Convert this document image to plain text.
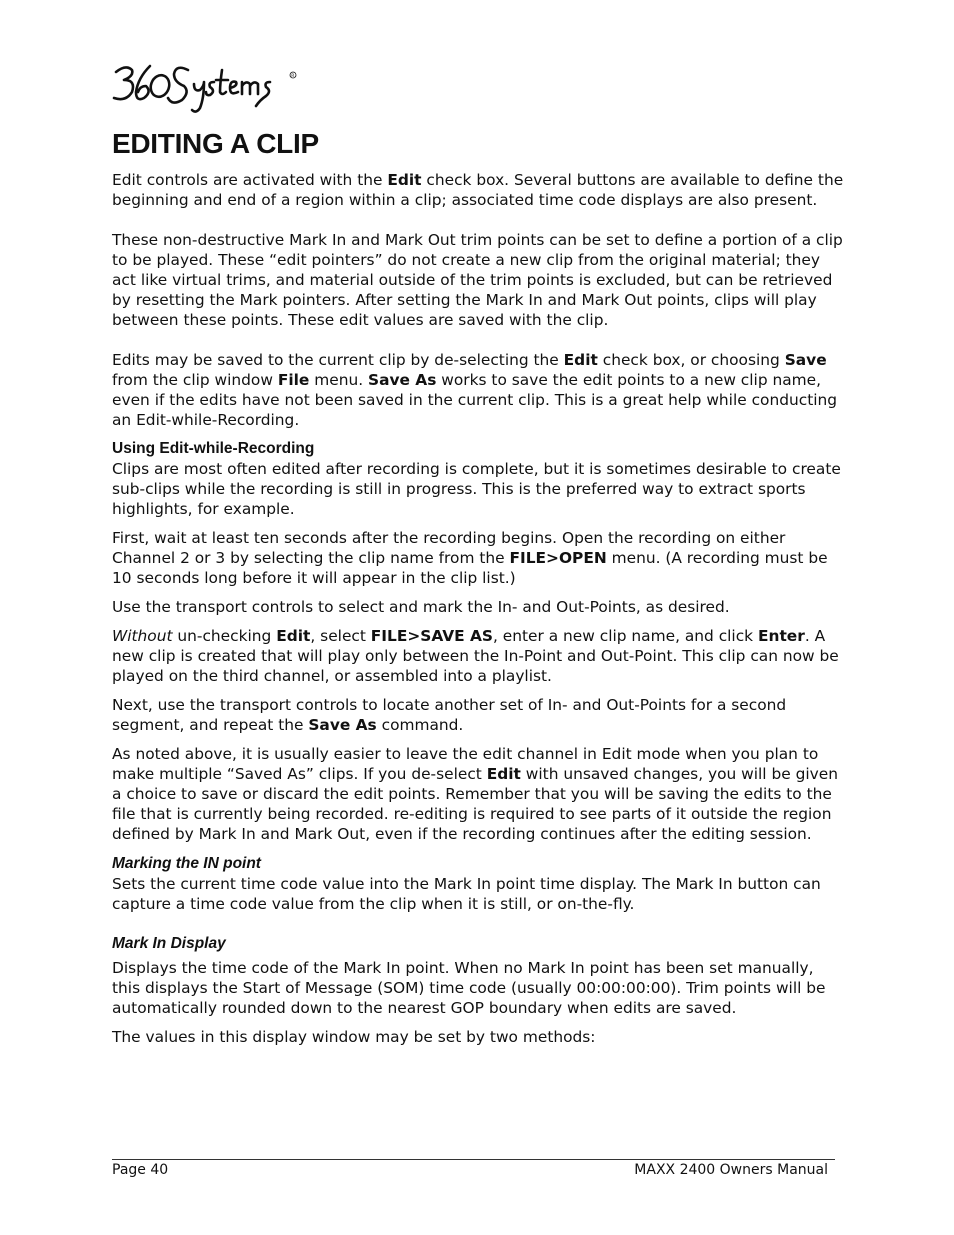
R
EDITING A CLIP

Edit controls are activated with the Edit check box. Several buttons are available to define the beginning and end of a region within a clip; associated time code displays are also present.

These non-destructive Mark In and Mark Out trim points can be set to define a portion of a clip to be played. These “edit pointers” do not create a new clip from the original material; they act like virtual trims, and material outside of the trim points is excluded, but can be retrieved by resetting the Mark pointers. After setting the Mark In and Mark Out points, clips will play between these points. These edit values are saved with the clip.

Edits may be saved to the current clip by de-selecting the Edit check box, or choosing Save from the clip window File menu. Save As works to save the edit points to a new clip name, even if the edits have not been saved in the current clip. This is a great help while conducting an Edit-while-Recording.

Using Edit-while-Recording

Clips are most often edited after recording is complete, but it is sometimes desirable to create sub-clips while the recording is still in progress. This is the preferred way to extract sports highlights, for example.

First, wait at least ten seconds after the recording begins. Open the recording on either Channel 2 or 3 by selecting the clip name from the FILE>OPEN menu. (A recording must be 10 seconds long before it will appear in the clip list.)

Use the transport controls to select and mark the In- and Out-Points, as desired.

Without un-checking Edit, select FILE>SAVE AS, enter a new clip name, and click Enter. A new clip is created that will play only between the In-Point and Out-Point. This clip can now be played on the third channel, or assembled into a playlist.

Next, use the transport controls to locate another set of In- and Out-Points for a second segment, and repeat the Save As command.

As noted above, it is usually easier to leave the edit channel in Edit mode when you plan to make multiple “Saved As” clips. If you de-select Edit with unsaved changes, you will be given a choice to save or discard the edit points. Remember that you will be saving the edits to the file that is currently being recorded. re-editing is required to see parts of it outside the region defined by Mark In and Mark Out, even if the recording continues after the editing session.

Marking the IN point

Sets the current time code value into the Mark In point time display. The Mark In button can capture a time code value from the clip when it is still, or on-the-fly.

Mark In Display

Displays the time code of the Mark In point. When no Mark In point has been set manually, this displays the Start of Message (SOM) time code (usually 00:00:00:00). Trim points will be automatically rounded down to the nearest GOP boundary when edits are saved.

The values in this display window may be set by two methods:

Page 40	MAXX 2400 Owners Manual
